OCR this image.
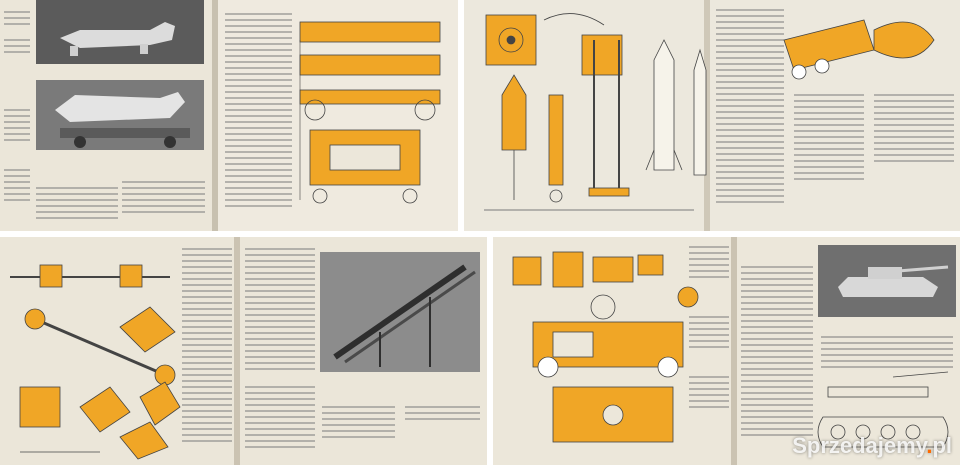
Sprzedajemy.pl
